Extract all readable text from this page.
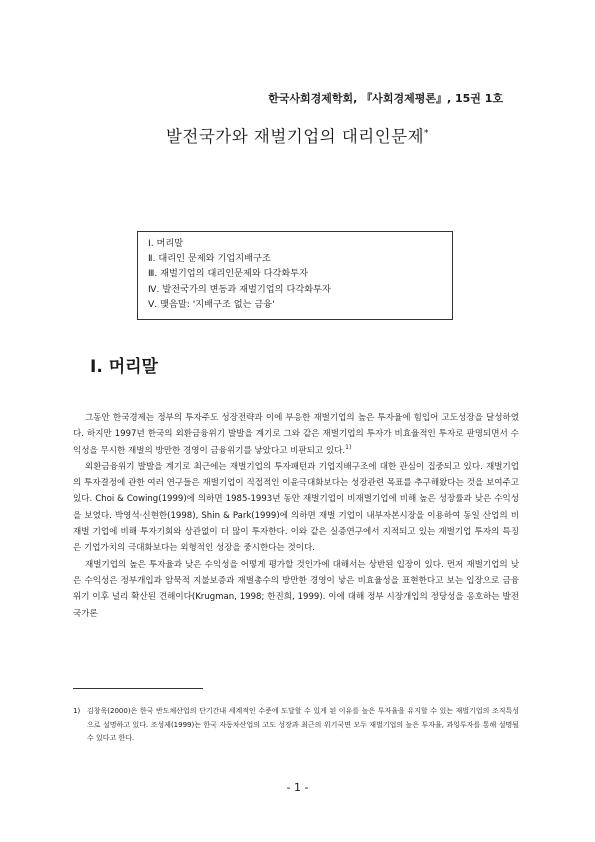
한국사회경제학회, 『사회경제평론』, 15권 1호
발전국가와 재벌기업의 대리인문제*
Ⅰ. 머리말
Ⅱ. 대리인 문제와 기업지배구조
Ⅲ. 재벌기업의 대리인문제와 다각화투자
Ⅳ. 발전국가의 변동과 재벌기업의 다각화투자
Ⅴ. 맺음말: '지배구조 없는 금융'
Ⅰ. 머리말

그동안 한국경제는 정부의 투자주도 성장전략과 이에 부응한 재벌기업의 높은 투자율에 힘입어 고도성장을 달성하였다. 하지만 1997년 한국의 외환금융위기 발발을 계기로 그와 같은 재벌기업의 투자가 비효율적인 투자로 판명되면서 수익성을 무시한 재벌의 방만한 경영이 금융위기를 낳았다고 비판되고 있다.$^{1)}$

외환금융위기 발발을 계기로 최근에는 재벌기업의 투자패턴과 기업지배구조에 대한 관심이 집중되고 있다. 재벌기업의 투자결정에 관한 여러 연구들은 재벌기업이 직접적인 이윤극대화보다는 성장관련 목표를 추구해왔다는 것을 보여주고 있다. Choi & Cowing(1999)에 의하면 1985-1993년 동안 재벌기업이 비재벌기업에 비해 높은 성장률과 낮은 수익성을 보였다. 박영석·신현한(1998), Shin & Park(1999)에 의하면 재벌 기업이 내부자본시장을 이용하여 동일 산업의 비재벌 기업에 비해 투자기회와 상관없이 더 많이 투자한다. 이와 같은 실증연구에서 지적되고 있는 재벌기업 투자의 특징은 기업가치의 극대화보다는 외형적인 성장을 중시한다는 것이다.

재벌기업의 높은 투자율과 낮은 수익성을 어떻게 평가할 것인가에 대해서는 상반된 입장이 있다. 먼저 재벌기업의 낮은 수익성은 정부개입과 암묵적 지불보증과 재벌총수의 방만한 경영이 낳은 비효율성을 표현한다고 보는 입장으로 금융위기 이후 널리 확산된 견해이다(Krugman, 1998; 한진희, 1999). 이에 대해 정부 시장개입의 정당성을 옹호하는 발전국가론

1) 김창욱(2000)은 한국 반도체산업의 단기간내 세계적인 수준에 도달할 수 있게 된 이유를 높은 투자율을 유지할 수 있는 재벌기업의 조직특성으로 설명하고 있다. 조성제(1999)는 한국 자동차산업의 고도 성장과 최근의 위기국면 모두 재벌기업의 높은 투자율, 과잉투자를 통해 설명될 수 있다고 한다.
- 1 -
